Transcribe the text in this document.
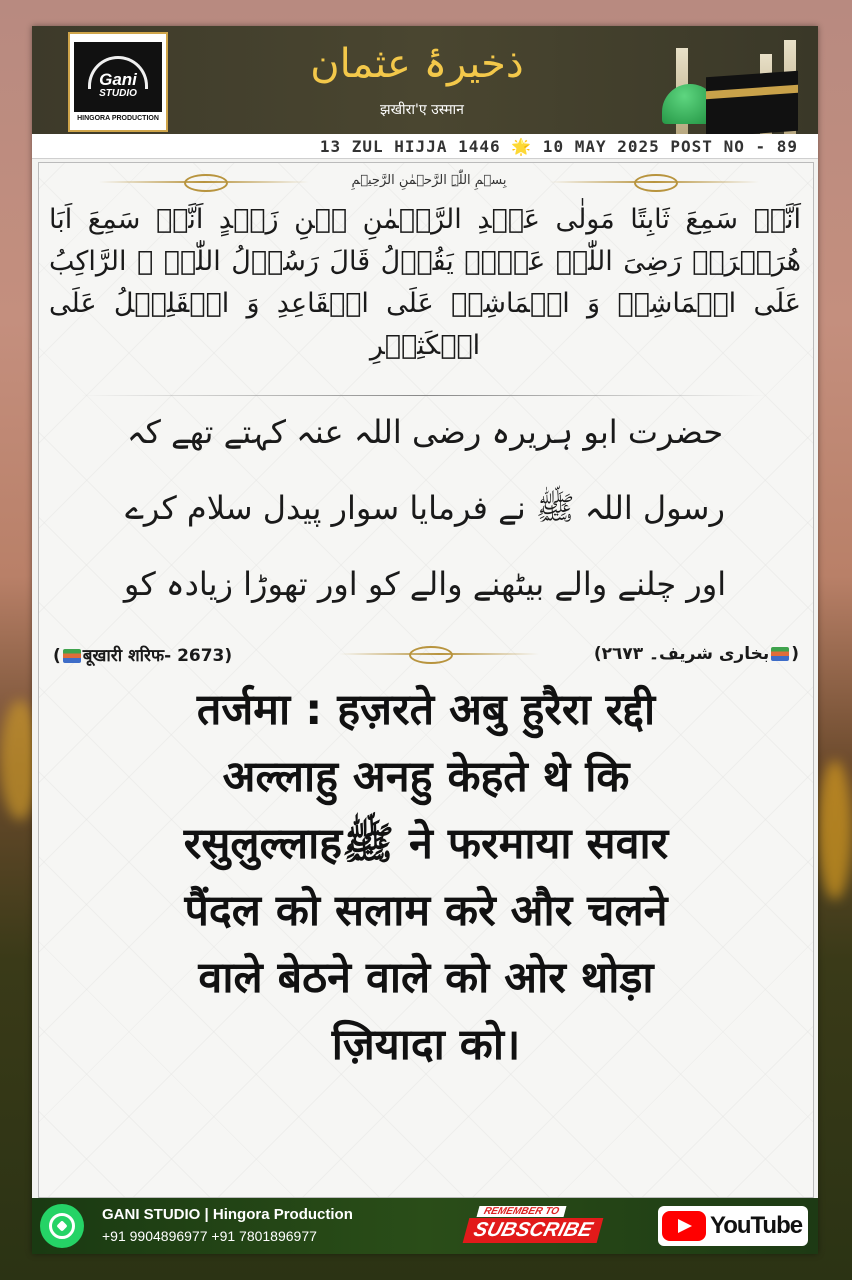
Gani
STUDIO
HINGORA PRODUCTION
ذخیرۂ عثمان
झखीरा'ए उस्मान
13 ZUL HIJJA 1446 🌟 10 MAY 2025 POST NO - 89
بِسۡمِ اللّٰہِ الرَّحۡمٰنِ الرَّحِیۡمِ
اَنَّہٗ سَمِعَ ثَابِتًا مَولٰی عَبۡدِ الرَّحۡمٰنِ بۡنِ زَیۡدٍ اَنَّہٗ سَمِعَ اَبَا ھُرَیۡرَۃَ رَضِیَ اللّٰہُ عَنۡہُ یَقُوۡلُ قَالَ رَسُوۡلُ اللّٰہِ ﷺ الرَّاکِبُ عَلَی الۡمَاشِیۡ وَ الۡمَاشِیۡ عَلَی الۡقَاعِدِ وَ الۡقَلِیۡلُ عَلَی الۡکَثِیۡرِ
حضرت ابو ہریرہ رضی اللہ عنہ کہتے تھے کہ
رسول اللہ ﷺ نے فرمایا سوار پیدل سلام کرے
اور چلنے والے بیٹھنے والے کو اور تھوڑا زیادہ کو
( बूखारी शरिफ- 2673)	(بخاری شریف۔ ٢٦٧٣)
तर्जमा : हज़रते अबु हुरैरा रद्दी
अल्लाहु अनहु केहते थे कि
रसुलुल्लाहﷺ ने फरमाया सवार
पैंदल को सलाम करे और चलने
वाले बेठने वाले को ओर थोड़ा
ज़ियादा को।
GANI STUDIO | Hingora Production
+91 9904896977 +91 7801896977
REMEMBER TO
SUBSCRIBE	YouTube
